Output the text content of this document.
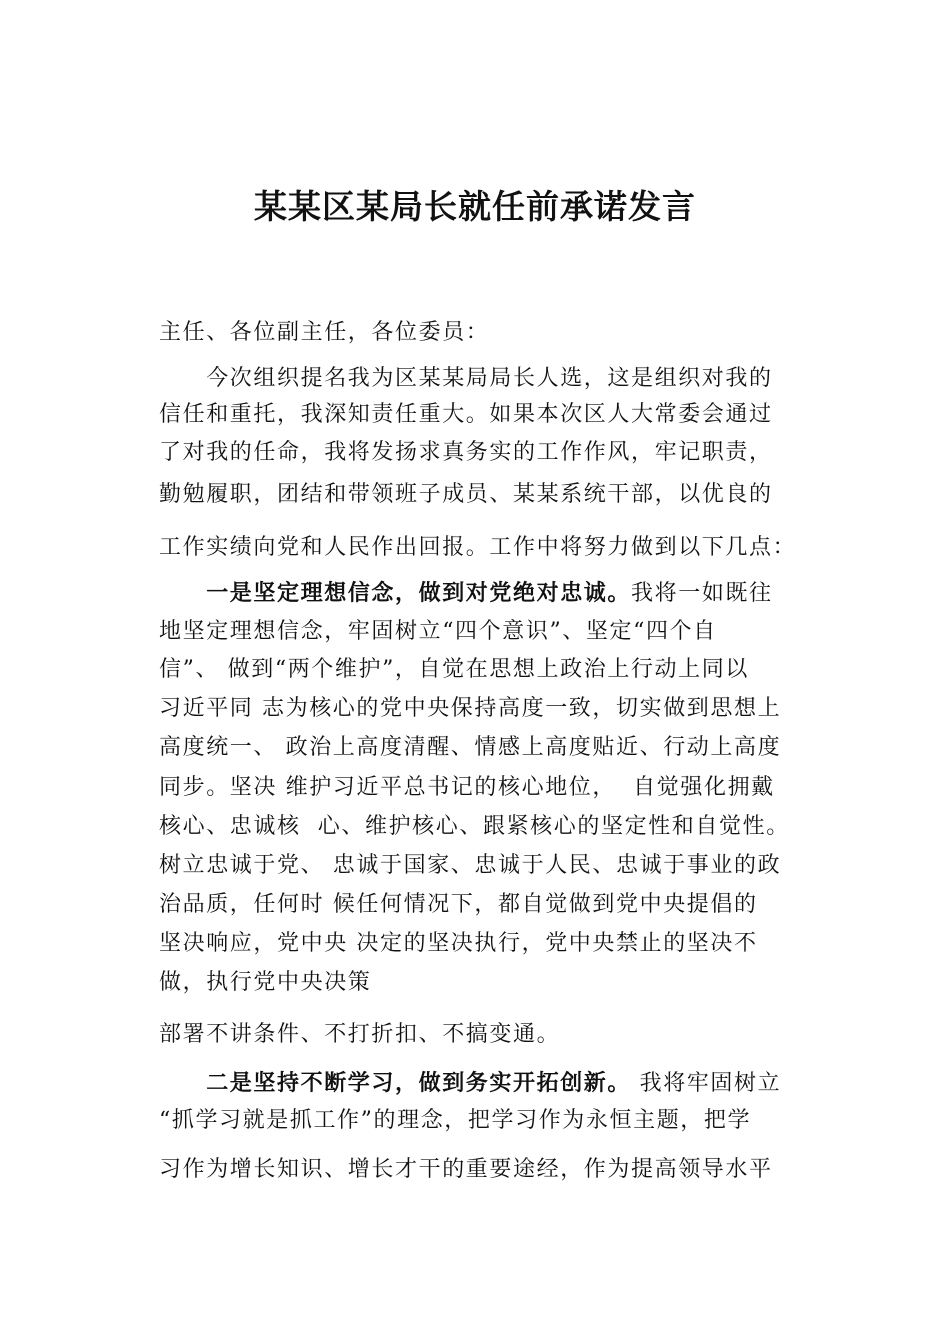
某某区某局长就任前承诺发言
主任、各位副主任，各位委员：
　　今次组织提名我为区某某局局长人选，这是组织对我的
信任和重托，我深知责任重大。如果本次区人大常委会通过
了对我的任命，我将发扬求真务实的工作作风，牢记职责，
勤勉履职，团结和带领班子成员、某某系统干部，以优良的
工作实绩向党和人民作出回报。工作中将努力做到以下几点：
　　一是坚定理想信念，做到对党绝对忠诚。我将一如既往
地坚定理想信念，牢固树立“四个意识”、坚定“四个自
信”、 做到“两个维护”，自觉在思想上政治上行动上同以
习近平同 志为核心的党中央保持高度一致，切实做到思想上
高度统一、 政治上高度清醒、情感上高度贴近、行动上高度
同步。坚决 维护习近平总书记的核心地位，  自觉强化拥戴
核心、忠诚核  心、维护核心、跟紧核心的坚定性和自觉性。
树立忠诚于党、 忠诚于国家、忠诚于人民、忠诚于事业的政
治品质，任何时 候任何情况下，都自觉做到党中央提倡的
坚决响应，党中央 决定的坚决执行，党中央禁止的坚决不
做，执行党中央决策
部署不讲条件、不打折扣、不搞变通。
　　二是坚持不断学习，做到务实开拓创新。 我将牢固树立
“抓学习就是抓工作”的理念，把学习作为永恒主题，把学
习作为增长知识、增长才干的重要途经，作为提高领导水平
